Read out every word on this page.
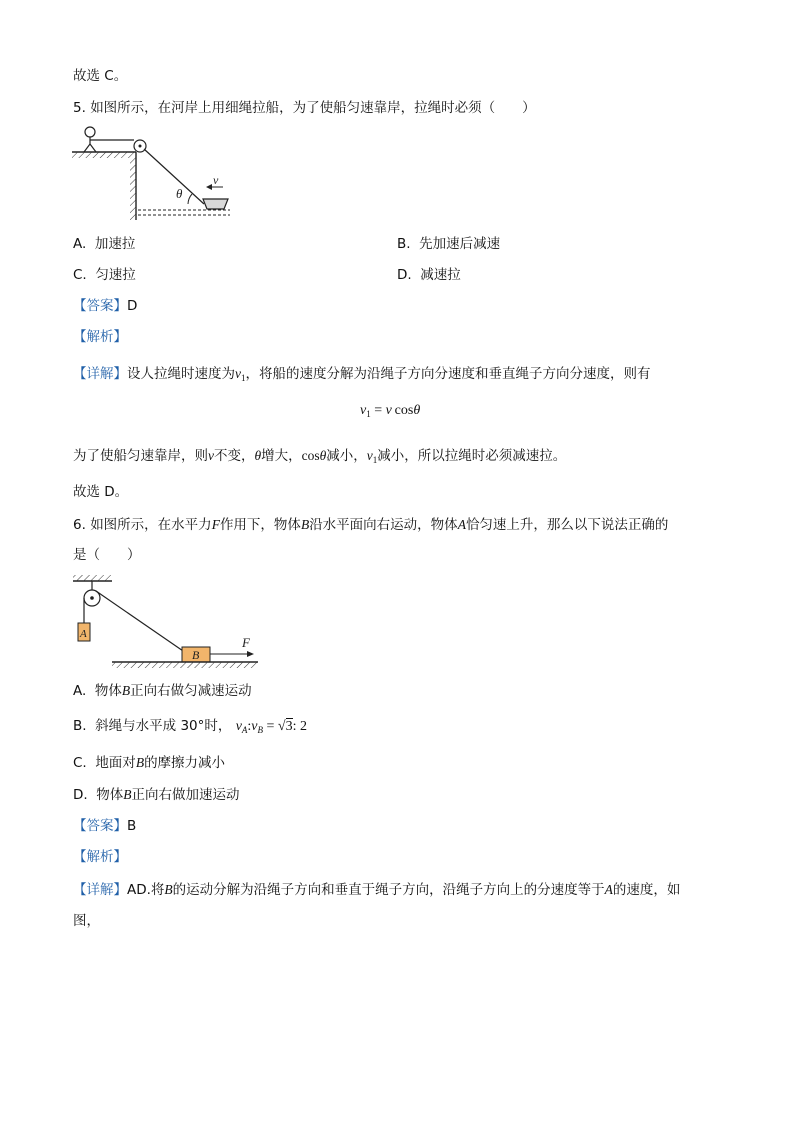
故选 C。
5. 如图所示，在河岸上用细绳拉船，为了使船匀速靠岸，拉绳时必须（　　）
θ
v
A. 加速拉	B. 先加速后减速
C. 匀速拉	D. 减速拉
【答案】D
【解析】
【详解】设人拉绳时速度为$v_1$，将船的速度分解为沿绳子方向分速度和垂直绳子方向分速度，则有
$v_1 = v$  cosθ
为了使船匀速靠岸，则v不变，θ增大，cosθ减小，$v_1$减小，所以拉绳时必须减速拉。
故选 D。
6. 如图所示，在水平力F作用下，物体B沿水平面向右运动，物体A恰匀速上升，那么以下说法正确的
是（　　）
A
B
F
A. 物体B正向右做匀减速运动
B. 斜绳与水平成 30°时， $v_A:v_B = √3$: 2
C. 地面对B的摩擦力减小
D. 物体B正向右做加速运动
【答案】B
【解析】
【详解】AD.将B的运动分解为沿绳子方向和垂直于绳子方向，沿绳子方向上的分速度等于A的速度，如
图，
